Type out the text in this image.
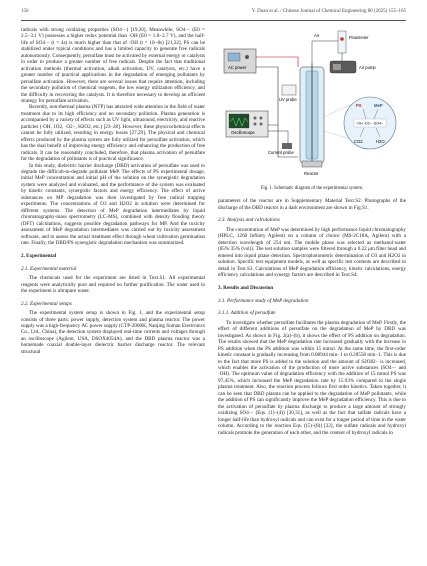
156	Y. Duan et al. / Chinese Journal of Chemical Engineering 80 (2025) 155–165

radicals with strong oxidizing properties (SO4·−) [19,20]. Meanwhile, SO4·− (E0 = 2.5−3.1 V) possesses a higher redox potential than ·OH (E0 = 1.8−2.7 V), and the half-life of SO4·− (t = 4s) is much higher than that of ·OH (t = 10−8s) [21,22]. PS can be stabilized under typical conditions and has a limited capacity to generate free radicals autonomously. Consequently, persulfate must be activated by external energy or catalysts in order to produce a greater number of free radicals. Despite the fact that traditional activation methods (thermal activation, alkali activation, UV, catalysts, etc.) have a greater number of practical applications in the degradation of emerging pollutants by persulfate activation. However, there are several issues that require attention, including the secondary pollution of chemical reagents, the low energy utilization efficiency, and the difficulty in recovering the catalysts. It is therefore necessary to develop an efficient strategy for persulfate activation.

Recently, non-thermal plasma (NTP) has attracted wide attention in the field of water treatment due to its high efficiency and no secondary pollution. Plasma generation is accompanied by a variety of effects such as UV light, ultrasound, electricity, and reactive particles (·OH, 1O2, ·O2−, H2O2, etc.) [23–28]. However, these physicochemical effects cannot be fully utilized, resulting in energy losses [27,29]. The physical and chemical effects produced by the plasma system are fully utilized for persulfate activation, which has the dual benefit of improving energy efficiency and enhancing the production of free radicals. It can be reasonably concluded, therefore, that plasma activation of persulfate for the degradation of pollutants is of practical significance.

In this study, dielectric barrier discharge (DBD) activation of persulfate was used to degrade the difficult-to-degrade pollutant MeP. The effects of PS experimental dosage, initial MeP concentration and initial pH of the solution on the synergistic degradation system were analyzed and evaluated, and the performance of the system was evaluated by kinetic constants, synergistic factors and energy efficiency. The effect of active substances on MP degradation was then investigated by free radical trapping experiments. The concentrations of O3 and H2O2 in solution were determined for different systems. The detection of MeP degradation intermediates by liquid chromatography-mass spectrometry (LC-MS), combined with density flooding theory (DFT) calculations, suggests possible degradation pathways for MP. And the toxicity assessment of MeP degradation intermediates was carried out by toxicity assessment software, and to assess the actual treatment effect through wheat cultivation germination rate. Finally, the DBD/PS synergistic degradation mechanism was summarized.

2. Experimental
2.1. Experimental material

The chemicals used for the experiment are listed in Text.S1. All experimental reagents were analytically pure and required no further purification. The water used in the experiment is ultrapure water.

2.2. Experimental setups

The experimental system setup is shown in Fig. 1, and the experimental setup consists of three parts: power supply, detection system and plasma reactor. The power supply was a high-frequency AC power supply (CTP-2000K, Nanjing Suman Electronics Co., Ltd., China), the detection system displayed real-time currents and voltages through an oscilloscope (Agilent, USA, DSOX4054A), and the DBD plasma reactor was a homemade coaxial double-layer dielectric barrier discharge reactor. The relevant structural

AC power
Oscilloscope
UV probe
Current probe
Reactor
Air	Flowmeter
Air pump
PS	MeP
·OH ·O2− ·SO4−
CO2	H2O
Fig. 1. Schematic diagram of the experimental system.

parameters of the reactor are in Supplementary Material Text.S2. Photographs of the discharge of the DBD reactor in a dark environment are shown in Fig.S1.

2.3. Analysis and calculations

The concentration of MeP was determined by high performance liquid chromatography (HPLC, 1260 Infinity Agilent) on a column of choice (MS-2C18A, Agilent) with a detection wavelength of 254 nm. The mobile phase was selected as methanol:water (65%:35% (vol)). The test solution samples were filtered through a 0.22 μm filter head and entered into liquid phase detection. Spectrophotometric determination of O3 and H2O2 in solution. Specific test equipment models, as well as specific test contents are described in detail in Text.S3. Calculations of MeP degradation efficiency, kinetic calculations, energy efficiency calculations and synergy factors are described in Text.S4.

3. Results and Discussion
3.1. Performance study of MeP degradation
3.1.1. Addition of persulfate

To investigate whether persulfate facilitates the plasma degradation of MeP. Firstly, the effect of different additions of persulfate on the degradation of MeP by DBD was investigated. As shown in Fig. 2(a)–(b), it shows the effect of PS addition on degradation. The results showed that the MeP degradation rate increased gradually with the increase in PS addition when the PS addition was within 15 mmol. At the same time, the first-order kinetic constant is gradually increasing from 0.08944 min−1 to 0.20558 min−1. This is due to the fact that more PS is added to the solution and the amount of S2O82− is increased, which enables the activation of the production of more active substances (SO4·− and ·OH). The optimum value of degradation efficiency with the addition of 15 mmol PS was 97.45%, which increased the MeP degradation rate by 15.93% compared to the single plasma treatment. Also, the reaction process follows first order kinetics. Taken together, it can be seen that DBD plasma can be applied to the degradation of MeP pollutants, while the addition of PS can significantly improve the MeP degradation efficiency. This is due to the activation of persulfate by plasma discharge to produce a large amount of strongly oxidizing SO4·− (Eqs. (1)–(4)) [30,31], as well as the fact that sulfate radicals have a longer half-life than hydroxyl radicals and can exist for a longer period of time in the water column. According to the reaction Eqs. ((5)–(8)) [32], the sulfate radicals and hydroxyl radicals promote the generation of each other, and the content of hydroxyl radicals in
